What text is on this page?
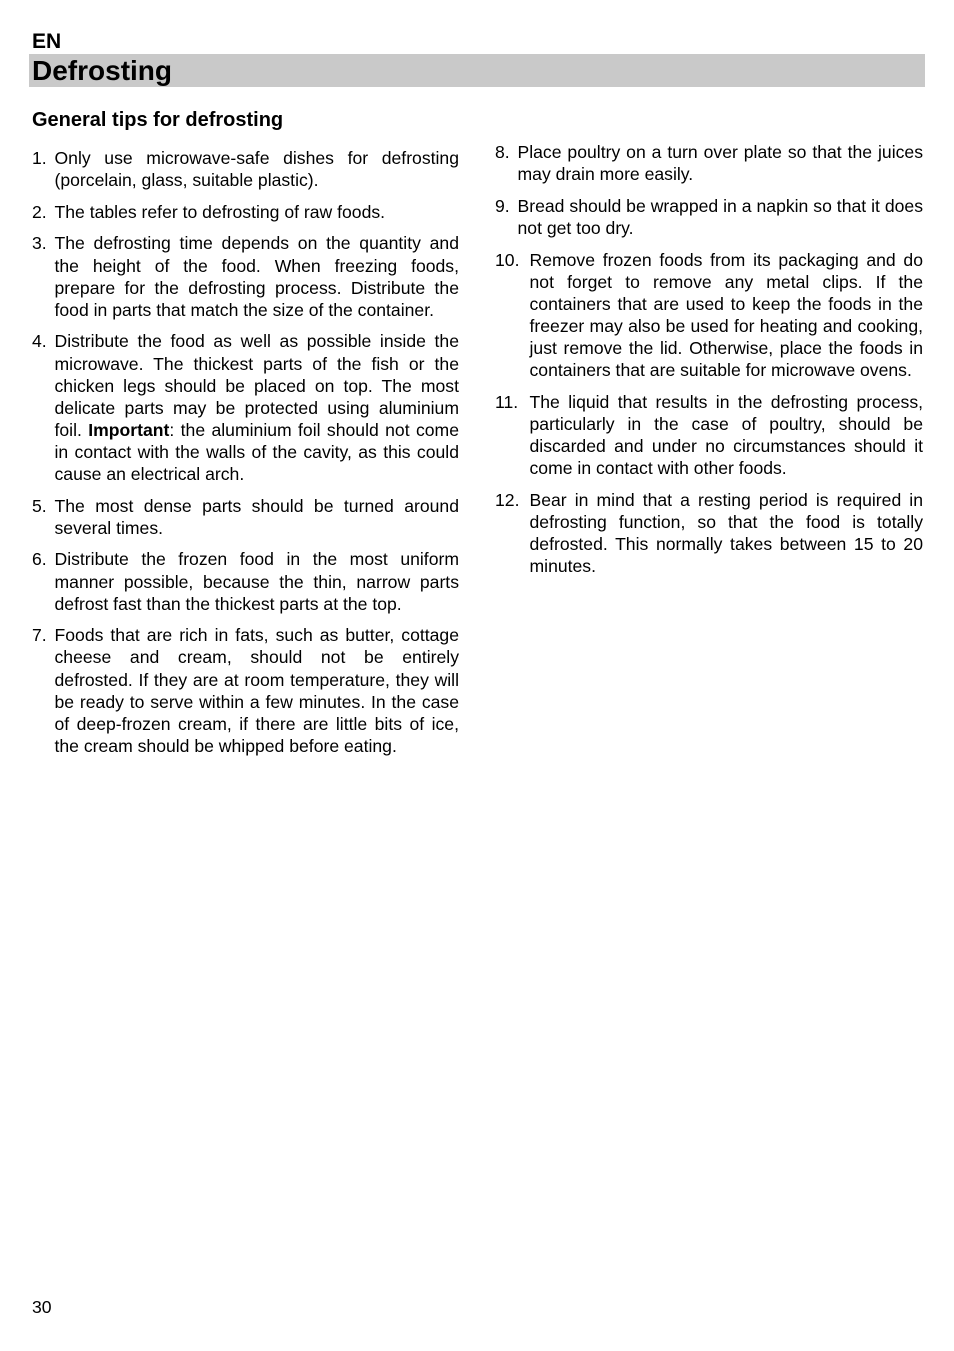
EN
Defrosting
General tips for defrosting
1. Only use microwave-safe dishes for defrosting (porcelain, glass, suitable plastic).
2. The tables refer to defrosting of raw foods.
3. The defrosting time depends on the quantity and the height of the food. When freezing foods, prepare for the defrosting process. Distribute the food in parts that match the size of the container.
4. Distribute the food as well as possible inside the microwave. The thickest parts of the fish or the chicken legs should be placed on top. The most delicate parts may be protected using aluminium foil. Important: the aluminium foil should not come in contact with the walls of the cavity, as this could cause an electrical arch.
5. The most dense parts should be turned around several times.
6. Distribute the frozen food in the most uniform manner possible, because the thin, narrow parts defrost fast than the thickest parts at the top.
7. Foods that are rich in fats, such as butter, cottage cheese and cream, should not be entirely defrosted. If they are at room temperature, they will be ready to serve within a few minutes. In the case of deep-frozen cream, if there are little bits of ice, the cream should be whipped before eating.
8. Place poultry on a turn over plate so that the juices may drain more easily.
9. Bread should be wrapped in a napkin so that it does not get too dry.
10. Remove frozen foods from its packaging and do not forget to remove any metal clips. If the containers that are used to keep the foods in the freezer may also be used for heating and cooking, just remove the lid. Otherwise, place the foods in containers that are suitable for microwave ovens.
11. The liquid that results in the defrosting process, particularly in the case of poultry, should be discarded and under no circumstances should it come in contact with other foods.
12. Bear in mind that a resting period is required in defrosting function, so that the food is totally defrosted. This normally takes between 15 to 20 minutes.
30
